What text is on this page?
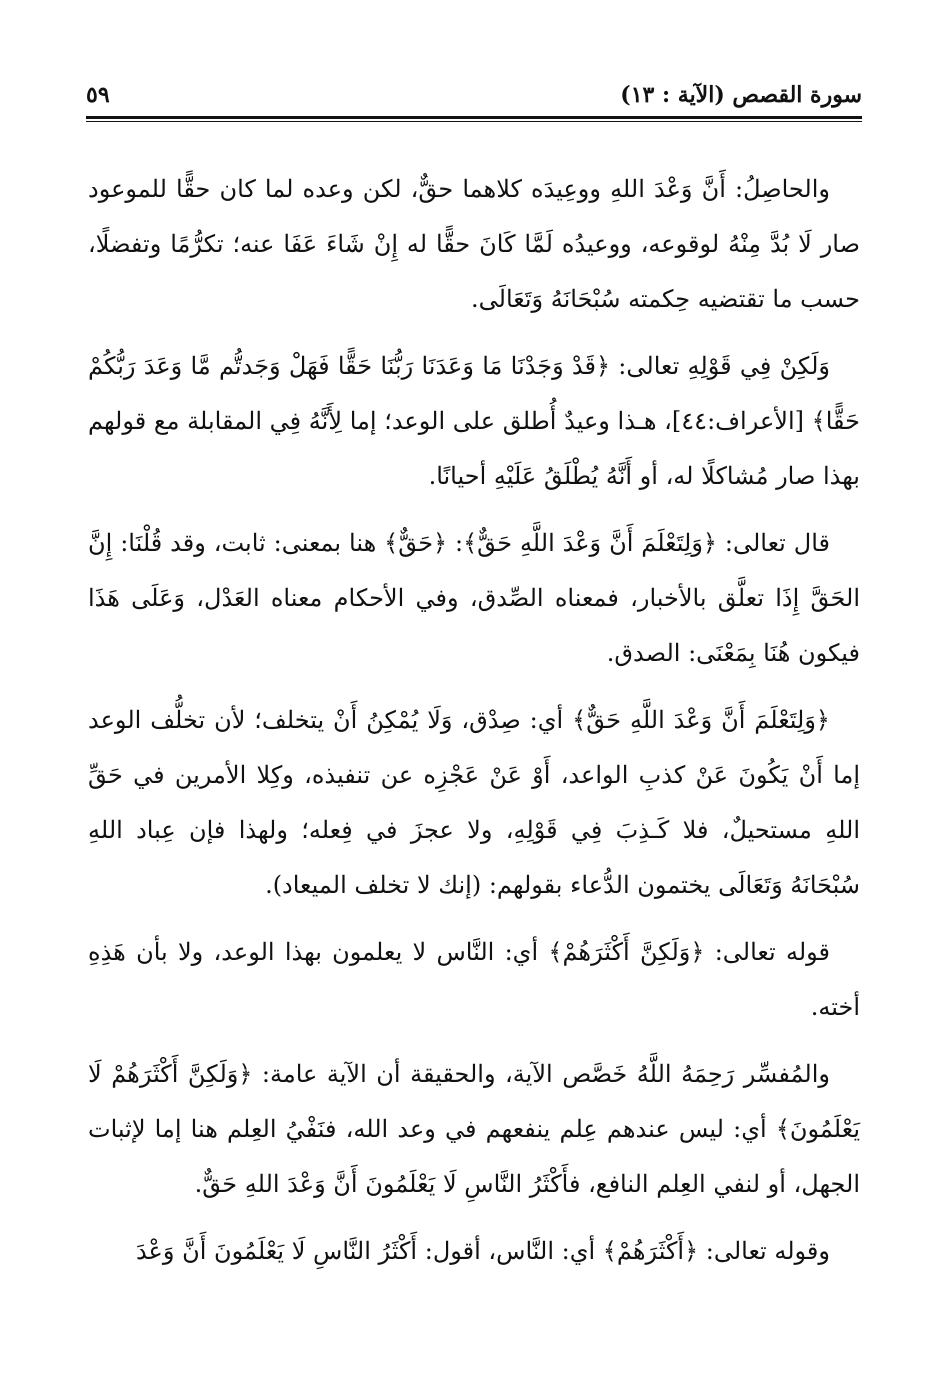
سورة القصص (الآية : ١٣)
٥٩

والحاصِلُ: أَنَّ وَعْدَ اللهِ ووعِيدَه كلاهما حقٌّ، لكن وعده لما كان حقًّا للموعود صار لَا بُدَّ مِنْهُ لوقوعه، ووعيدُه لَمَّا كَانَ حقًّا له إِنْ شَاءَ عَفَا عنه؛ تكرُّمًا وتفضلًا، حسب ما تقتضيه حِكمته سُبْحَانَهُ وَتَعَالَى.

وَلَكِنْ فِي قَوْلِهِ تعالى: ﴿قَدْ وَجَدْنَا مَا وَعَدَنَا رَبُّنَا حَقًّا فَهَلْ وَجَدتُّم مَّا وَعَدَ رَبُّكُمْ حَقًّا﴾ [الأعراف:٤٤]، هـذا وعيدٌ أُطلق على الوعد؛ إما لِأَنَّهُ فِي المقابلة مع قولهم بهذا صار مُشاكلًا له، أو أَنَّهُ يُطْلَقُ عَلَيْهِ أحيانًا.

قال تعالى: ﴿وَلِتَعْلَمَ أَنَّ وَعْدَ اللَّهِ حَقٌّ﴾: ﴿حَقٌّ﴾ هنا بمعنى: ثابت، وقد قُلْنَا: إِنَّ الحَقَّ إِذَا تعلَّق بالأخبار، فمعناه الصِّدق، وفي الأحكام معناه العَدْل، وَعَلَى هَذَا فيكون هُنَا بِمَعْنَى: الصدق.

﴿وَلِتَعْلَمَ أَنَّ وَعْدَ اللَّهِ حَقٌّ﴾ أي: صِدْق، وَلَا يُمْكِنُ أَنْ يتخلف؛ لأن تخلُّف الوعد إما أَنْ يَكُونَ عَنْ كذبِ الواعد، أَوْ عَنْ عَجْزِه عن تنفيذه، وكِلا الأمرين في حَقِّ اللهِ مستحيلٌ، فلا كَـذِبَ فِي قَوْلِهِ، ولا عجزَ في فِعله؛ ولهذا فإن عِباد اللهِ سُبْحَانَهُ وَتَعَالَى يختمون الدُّعاء بقولهم: (إنك لا تخلف الميعاد).

قوله تعالى: ﴿وَلَكِنَّ أَكْثَرَهُمْ﴾ أي: النَّاس لا يعلمون بهذا الوعد، ولا بأن هَذِهِ أخته.

والمُفسِّر رَحِمَهُ اللَّهُ خَصَّص الآية، والحقيقة أن الآية عامة: ﴿وَلَكِنَّ أَكْثَرَهُمْ لَا يَعْلَمُونَ﴾ أي: ليس عندهم عِلم ينفعهم في وعد الله، فنَفْيُ العِلم هنا إما لإثبات الجهل، أو لنفي العِلم النافع، فأَكْثَرُ النَّاسِ لَا يَعْلَمُونَ أَنَّ وَعْدَ اللهِ حَقٌّ.

وقوله تعالى: ﴿أَكْثَرَهُمْ﴾ أي: النَّاس، أقول: أَكْثَرُ النَّاسِ لَا يَعْلَمُونَ أَنَّ وَعْدَ
